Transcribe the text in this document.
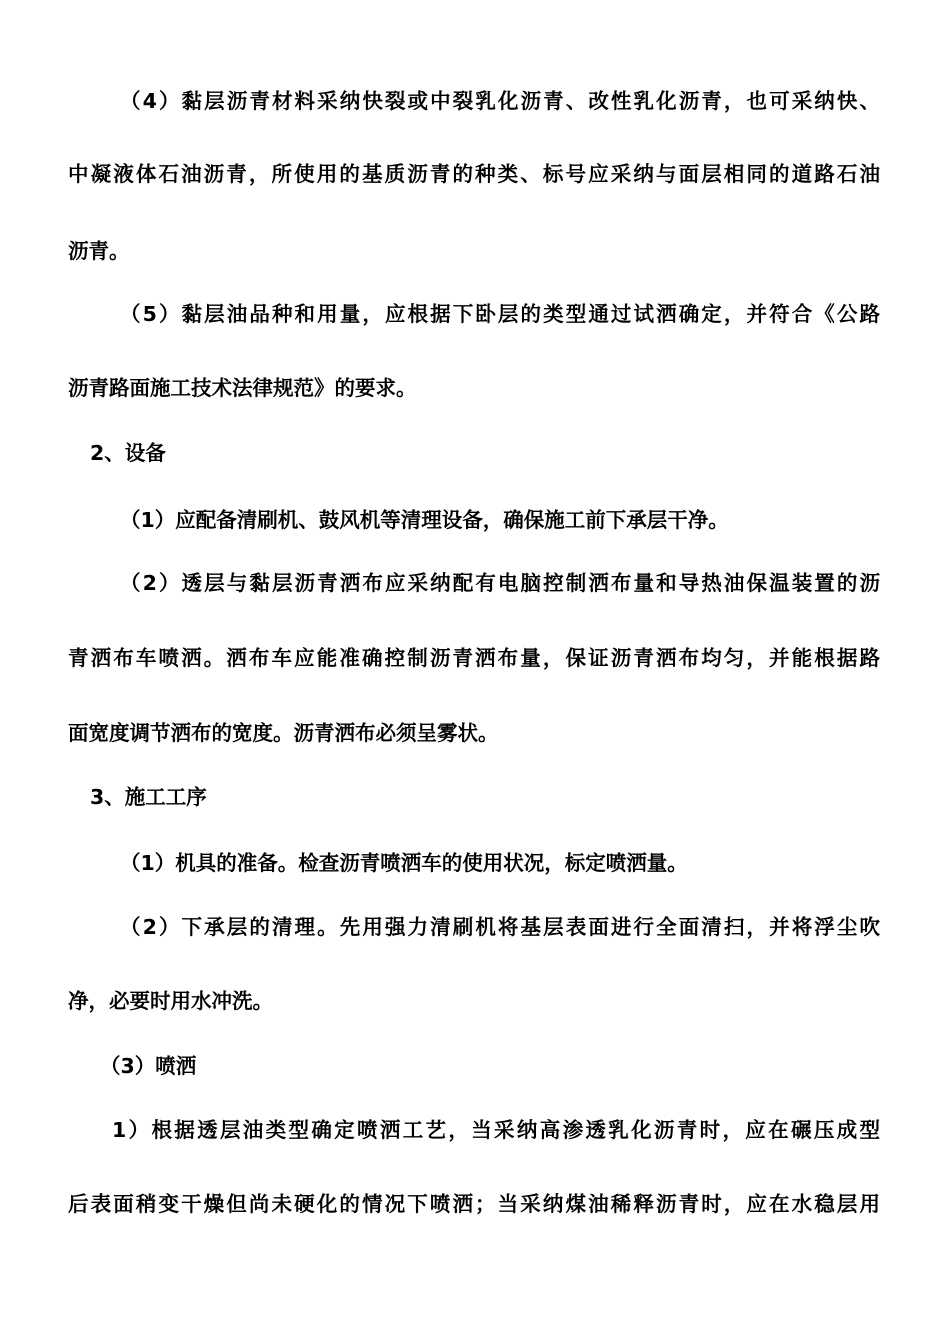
（4）黏层沥青材料采纳快裂或中裂乳化沥青、改性乳化沥青，也可采纳快、
中凝液体石油沥青，所使用的基质沥青的种类、标号应采纳与面层相同的道路石油
沥青。
（5）黏层油品种和用量，应根据下卧层的类型通过试洒确定，并符合《公路
沥青路面施工技术法律规范》的要求。
2、设备
（1）应配备清刷机、鼓风机等清理设备，确保施工前下承层干净。
（2）透层与黏层沥青洒布应采纳配有电脑控制洒布量和导热油保温装置的沥
青洒布车喷洒。洒布车应能准确控制沥青洒布量，保证沥青洒布均匀，并能根据路
面宽度调节洒布的宽度。沥青洒布必须呈雾状。
3、施工工序
（1）机具的准备。检查沥青喷洒车的使用状况，标定喷洒量。
（2）下承层的清理。先用强力清刷机将基层表面进行全面清扫，并将浮尘吹
净，必要时用水冲洗。
（3）喷洒
1）根据透层油类型确定喷洒工艺，当采纳高渗透乳化沥青时，应在碾压成型
后表面稍变干燥但尚未硬化的情况下喷洒；当采纳煤油稀释沥青时，应在水稳层用
